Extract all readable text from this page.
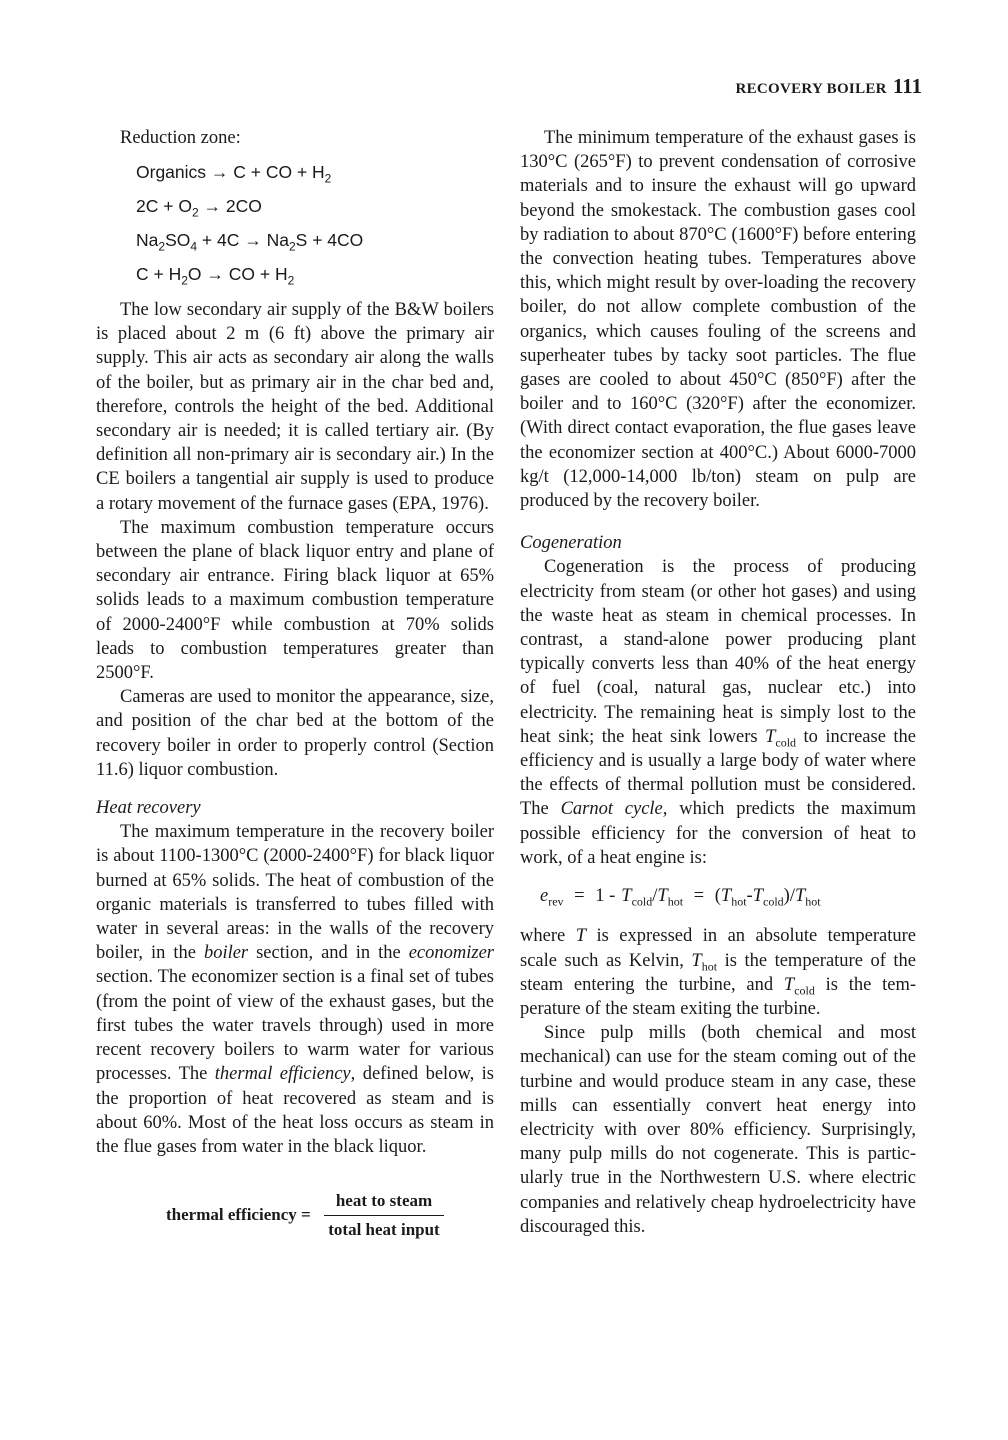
RECOVERY BOILER 111
Reduction zone:
Organics → C + CO + $H_2$
$2C + O_2 \to 2CO$
$Na_2SO_4 + 4C \to Na_2S + 4CO$
$C + H_2O$ → CO + $H_2$

The low secondary air supply of the B&W boilers is placed about 2 m (6 ft) above the primary air supply. This air acts as secondary air along the walls of the boiler, but as primary air in the char bed and, therefore, controls the height of the bed. Additional secondary air is needed; it is called tertiary air. (By definition all non-primary air is secondary air.) In the CE boilers a tangential air supply is used to produce a rotary movement of the furnace gases (EPA, 1976).

The maximum combustion temperature occurs between the plane of black liquor entry and plane of secondary air entrance. Firing black liquor at 65% solids leads to a maximum combustion temperature of 2000-2400°F while combustion at 70% solids leads to combustion temperatures greater than 2500°F.

Cameras are used to monitor the appearance, size, and position of the char bed at the bottom of the recovery boiler in order to properly control (Section 11.6) liquor combustion.

Heat recovery

The maximum temperature in the recovery boiler is about 1100-1300°C (2000-2400°F) for black liquor burned at 65% solids. The heat of combustion of the organic materials is transferred to tubes filled with water in several areas: in the walls of the recovery boiler, in the boiler section, and in the economizer section. The economizer section is a final set of tubes (from the point of view of the exhaust gases, but the first tubes the water travels through) used in more recent recovery boilers to warm water for various processes. The thermal efficiency, defined below, is the proportion of heat recovered as steam and is about 60%. Most of the heat loss occurs as steam in the flue gases from water in the black liquor.

thermal efficiency =
heat to steam
total heat input

The minimum temperature of the exhaust gases is 130°C (265°F) to prevent condensation of corrosive materials and to insure the exhaust will go upward beyond the smokestack. The combustion gases cool by radiation to about 870°C (1600°F) before entering the convection heating tubes. Temperatures above this, which might result by over-loading the recovery boiler, do not allow complete combustion of the organics, which causes fouling of the screens and superheater tubes by tacky soot particles. The flue gases are cooled to about 450°C (850°F) after the boiler and to 160°C (320°F) after the economizer. (With direct contact evaporation, the flue gases leave the economizer section at 400°C.) About 6000-7000 kg/t (12,000-14,000 lb/ton) steam on pulp are produced by the recovery boiler.

Cogeneration

Cogeneration is the process of producing electricity from steam (or other hot gases) and using the waste heat as steam in chemical processes. In contrast, a stand-alone power producing plant typically converts less than 40% of the heat energy of fuel (coal, natural gas, nuclear etc.) into electricity. The remaining heat is simply lost to the heat sink; the heat sink lowers $T_{cold}$ to increase the efficiency and is usually a large body of water where the effects of thermal pollution must be considered. The Carnot cycle, which predicts the maximum possible efficiency for the conversion of heat to work, of a heat engine is:

$e_{rev} = 1 - T_{cold}/T_{hot} = (T_{hot}-T_{cold})/T_{hot}$

where T is expressed in an absolute temperature scale such as Kelvin, $T_{hot}$ is the temperature of the steam entering the turbine, and $T_{cold}$ is the temperature of the steam exiting the turbine.

Since pulp mills (both chemical and most mechanical) can use for the steam coming out of the turbine and would produce steam in any case, these mills can essentially convert heat energy into electricity with over 80% efficiency. Surprisingly, many pulp mills do not cogenerate. This is particularly true in the Northwestern U.S. where electric companies and relatively cheap hydroelectricity have discouraged this.
